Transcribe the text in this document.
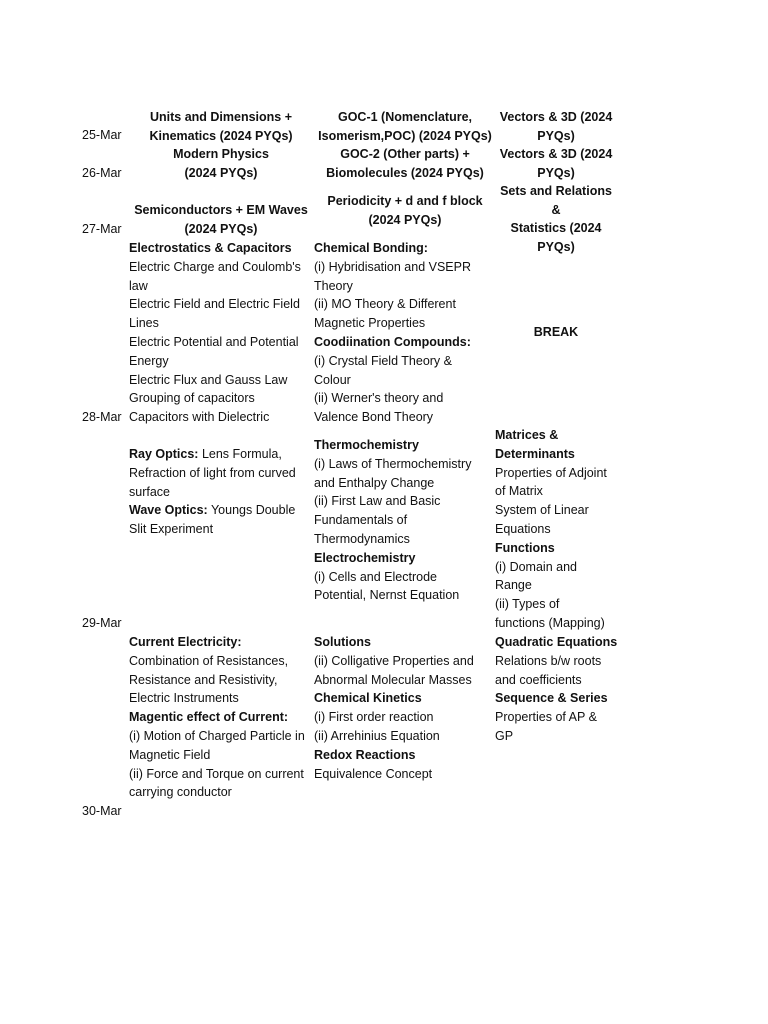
25-Mar
26-Mar
27-Mar
28-Mar
29-Mar
30-Mar
Units and Dimensions +
Kinematics (2024 PYQs)
GOC-1 (Nomenclature,
Isomerism,POC) (2024 PYQs)
Vectors & 3D (2024
PYQs)
Modern Physics
(2024 PYQs)
GOC-2 (Other parts) +
Biomolecules (2024 PYQs)
Vectors & 3D (2024
PYQs)
Semiconductors + EM Waves
(2024 PYQs)
Periodicity + d and f block
(2024 PYQs)
Sets and Relations &
Statistics (2024
PYQs)
Electrostatics & Capacitors
Electric Charge and Coulomb's
law
Electric Field and Electric Field
Lines
Electric Potential and Potential
Energy
Electric Flux and Gauss Law
Grouping of capacitors
Capacitors with Dielectric
Chemical Bonding:
(i) Hybridisation and VSEPR
Theory
(ii) MO Theory & Different
Magnetic Properties
Coodiination Compounds:
(i) Crystal Field Theory &
Colour
(ii) Werner's theory and
Valence Bond Theory
BREAK
Ray Optics: Lens Formula,
Refraction of light from curved
surface
Wave Optics: Youngs Double
Slit Experiment
Thermochemistry
(i) Laws of Thermochemistry
and Enthalpy Change
(ii) First Law and Basic
Fundamentals of
Thermodynamics
Electrochemistry
(i) Cells and Electrode
Potential, Nernst Equation
Matrices &
Determinants
Properties of Adjoint
of Matrix
System of Linear
Equations
Functions
(i) Domain and
Range
(ii) Types of
functions (Mapping)
Current Electricity:
Combination of Resistances,
Resistance and Resistivity,
Electric Instruments
Magentic effect of Current:
(i) Motion of Charged Particle in
Magnetic Field
(ii) Force and Torque on current
carrying conductor
Solutions
(ii) Colligative Properties and
Abnormal Molecular Masses
Chemical Kinetics
(i) First order reaction
(ii) Arrehinius Equation
Redox Reactions
Equivalence Concept
Quadratic Equations
Relations b/w roots
and coefficients
Sequence & Series
Properties of AP &
GP
